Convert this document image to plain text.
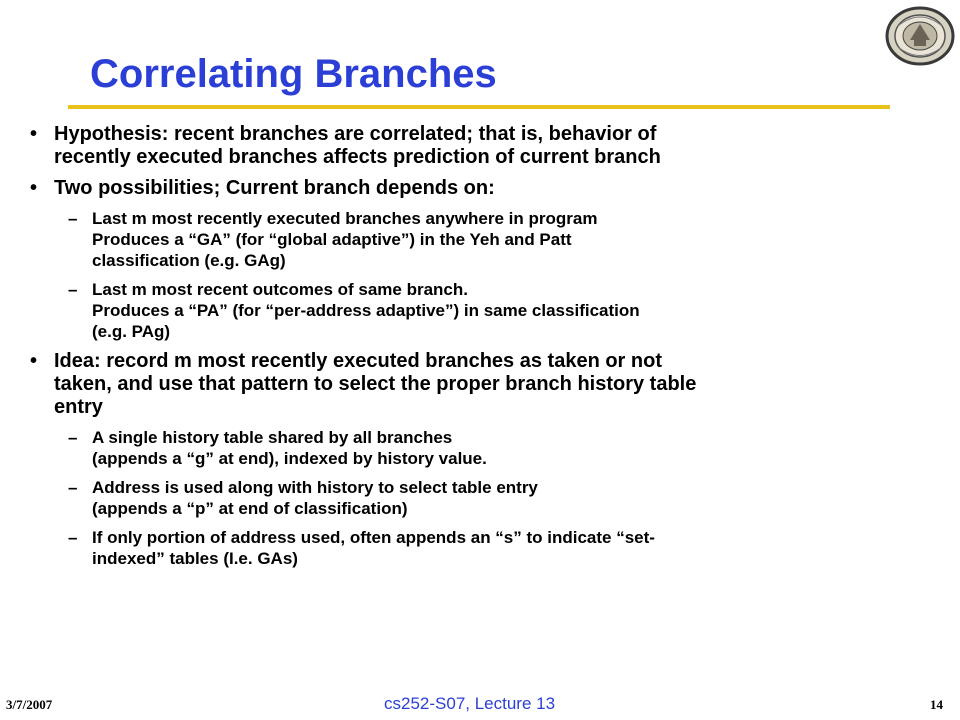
Correlating Branches
• Hypothesis: recent branches are correlated; that is, behavior of
recently executed branches affects prediction of current branch
• Two possibilities; Current branch depends on:
– Last m most recently executed branches anywhere in program
Produces a “GA” (for “global adaptive”) in the Yeh and Patt
classification (e.g. GAg)
– Last m most recent outcomes of same branch.
Produces a “PA” (for “per-address adaptive”) in same classification
(e.g. PAg)
• Idea: record m most recently executed branches as taken or not
taken, and use that pattern to select the proper branch history table
entry
– A single history table shared by all branches
(appends a “g” at end), indexed by history value.
– Address is used along with history to select table entry
(appends a “p” at end of classification)
– If only portion of address used, often appends an “s” to indicate “set-
indexed” tables (I.e. GAs)
3/7/2007	cs252-S07, Lecture 13	14
